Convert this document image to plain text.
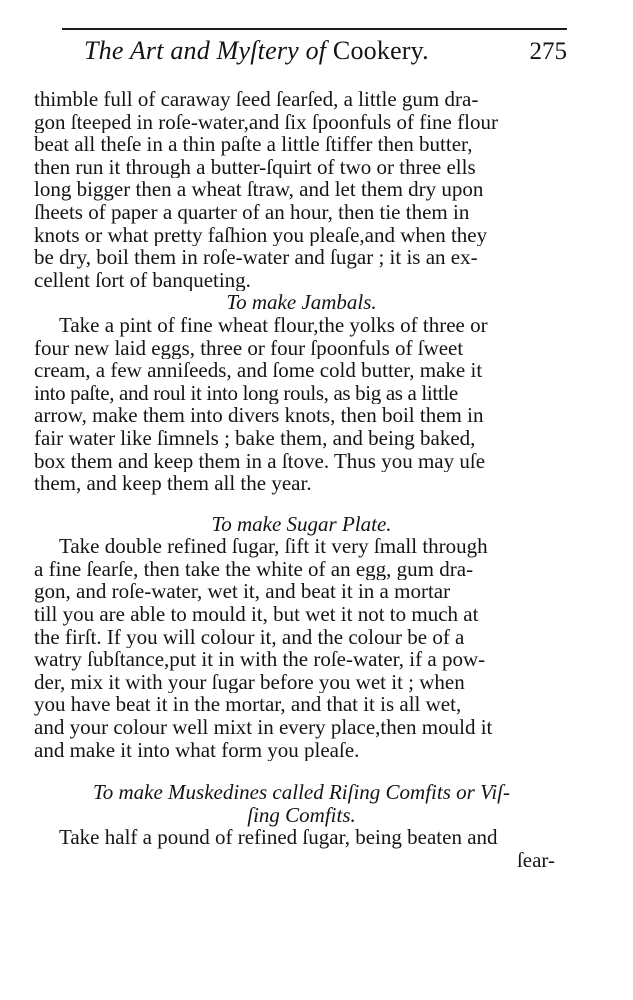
The Art and Myſtery of Cookery.	275
thimble full of caraway ſeed ſearſed, a little gum dra-
gon ſteeped in roſe-water,and ſix ſpoonfuls of fine flour
beat all theſe in a thin paſte a little ſtiffer then butter,
then run it through a butter-ſquirt of two or three ells
long bigger then a wheat ſtraw, and let them dry upon
ſheets of paper a quarter of an hour, then tie them in
knots or what pretty faſhion you pleaſe,and when they
be dry, boil them in roſe-water and ſugar ; it is an ex-
cellent ſort of banqueting.
To make Jambals.
Take a pint of fine wheat flour,the yolks of three or
four new laid eggs, three or four ſpoonfuls of ſweet
cream, a few anniſeeds, and ſome cold butter, make it
into paſte, and roul it into long rouls, as big as a little
arrow, make them into divers knots, then boil them in
fair water like ſimnels ; bake them, and being baked,
box them and keep them in a ſtove. Thus you may uſe
them, and keep them all the year.
To make Sugar Plate.
Take double refined ſugar, ſift it very ſmall through
a fine ſearſe, then take the white of an egg, gum dra-
gon, and roſe-water, wet it, and beat it in a mortar
till you are able to mould it, but wet it not to much at
the firſt. If you will colour it, and the colour be of a
watry ſubſtance,put it in with the roſe-water, if a pow-
der, mix it with your ſugar before you wet it ; when
you have beat it in the mortar, and that it is all wet,
and your colour well mixt in every place,then mould it
and make it into what form you pleaſe.
To make Muskedines called Riſing Comfits or Viſ-
ſing Comfits.
Take half a pound of refined ſugar, being beaten and
ſear-
